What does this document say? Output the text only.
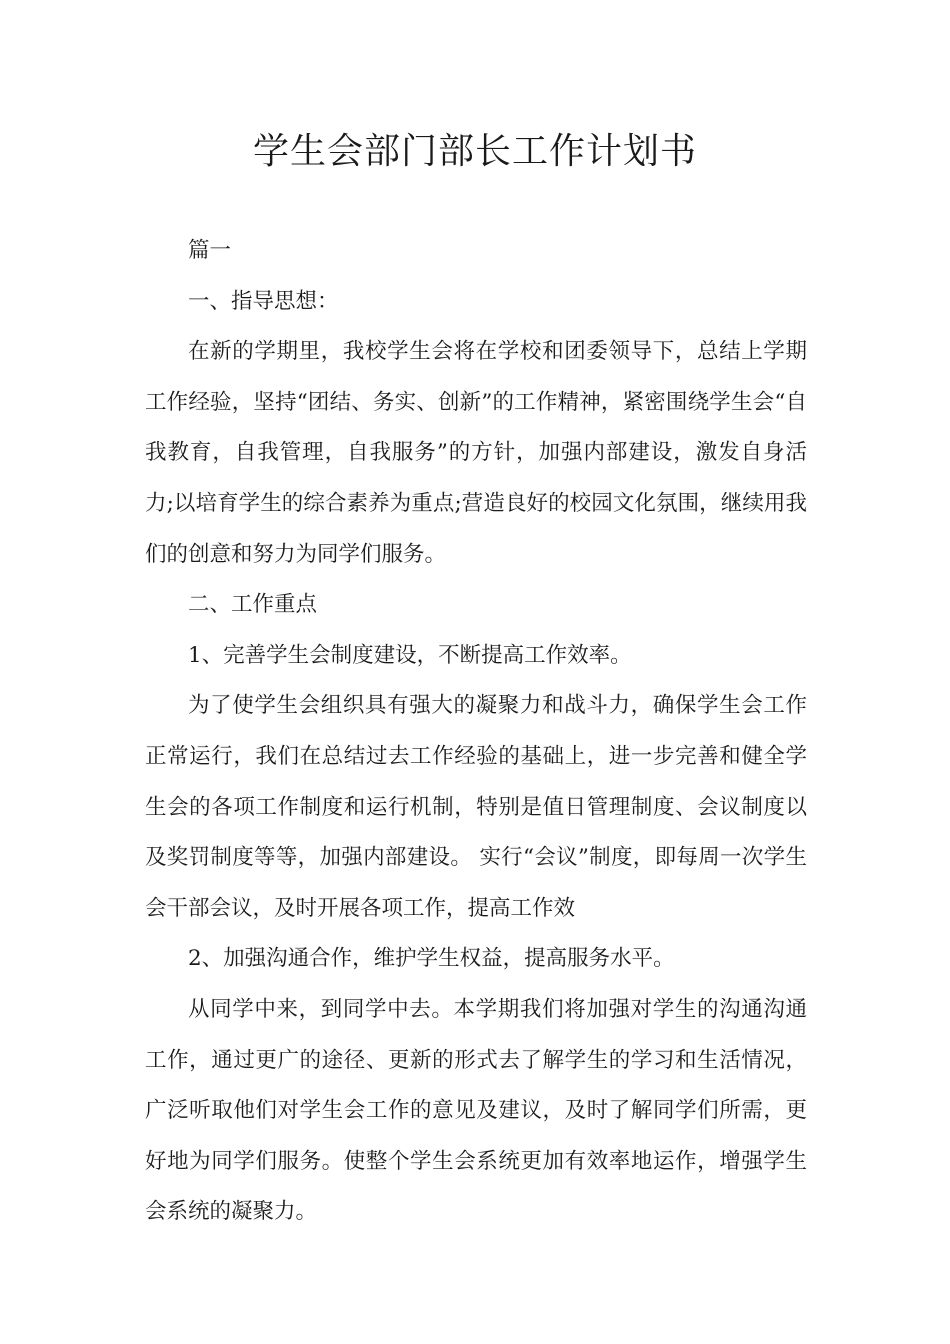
学生会部门部长工作计划书

篇一

一、指导思想：

在新的学期里，我校学生会将在学校和团委领导下，总结上学期工作经验，坚持“团结、务实、创新”的工作精神，紧密围绕学生会“自我教育，自我管理，自我服务”的方针，加强内部建设，激发自身活力;以培育学生的综合素养为重点;营造良好的校园文化氛围，继续用我们的创意和努力为同学们服务。

二、工作重点

1、完善学生会制度建设，不断提高工作效率。

为了使学生会组织具有强大的凝聚力和战斗力，确保学生会工作正常运行，我们在总结过去工作经验的基础上，进一步完善和健全学生会的各项工作制度和运行机制，特别是值日管理制度、会议制度以及奖罚制度等等，加强内部建设。 实行“会议”制度，即每周一次学生会干部会议，及时开展各项工作，提高工作效

2、加强沟通合作，维护学生权益，提高服务水平。

从同学中来，到同学中去。本学期我们将加强对学生的沟通沟通工作，通过更广的途径、更新的形式去了解学生的学习和生活情况，广泛听取他们对学生会工作的意见及建议，及时了解同学们所需，更好地为同学们服务。使整个学生会系统更加有效率地运作，增强学生会系统的凝聚力。
